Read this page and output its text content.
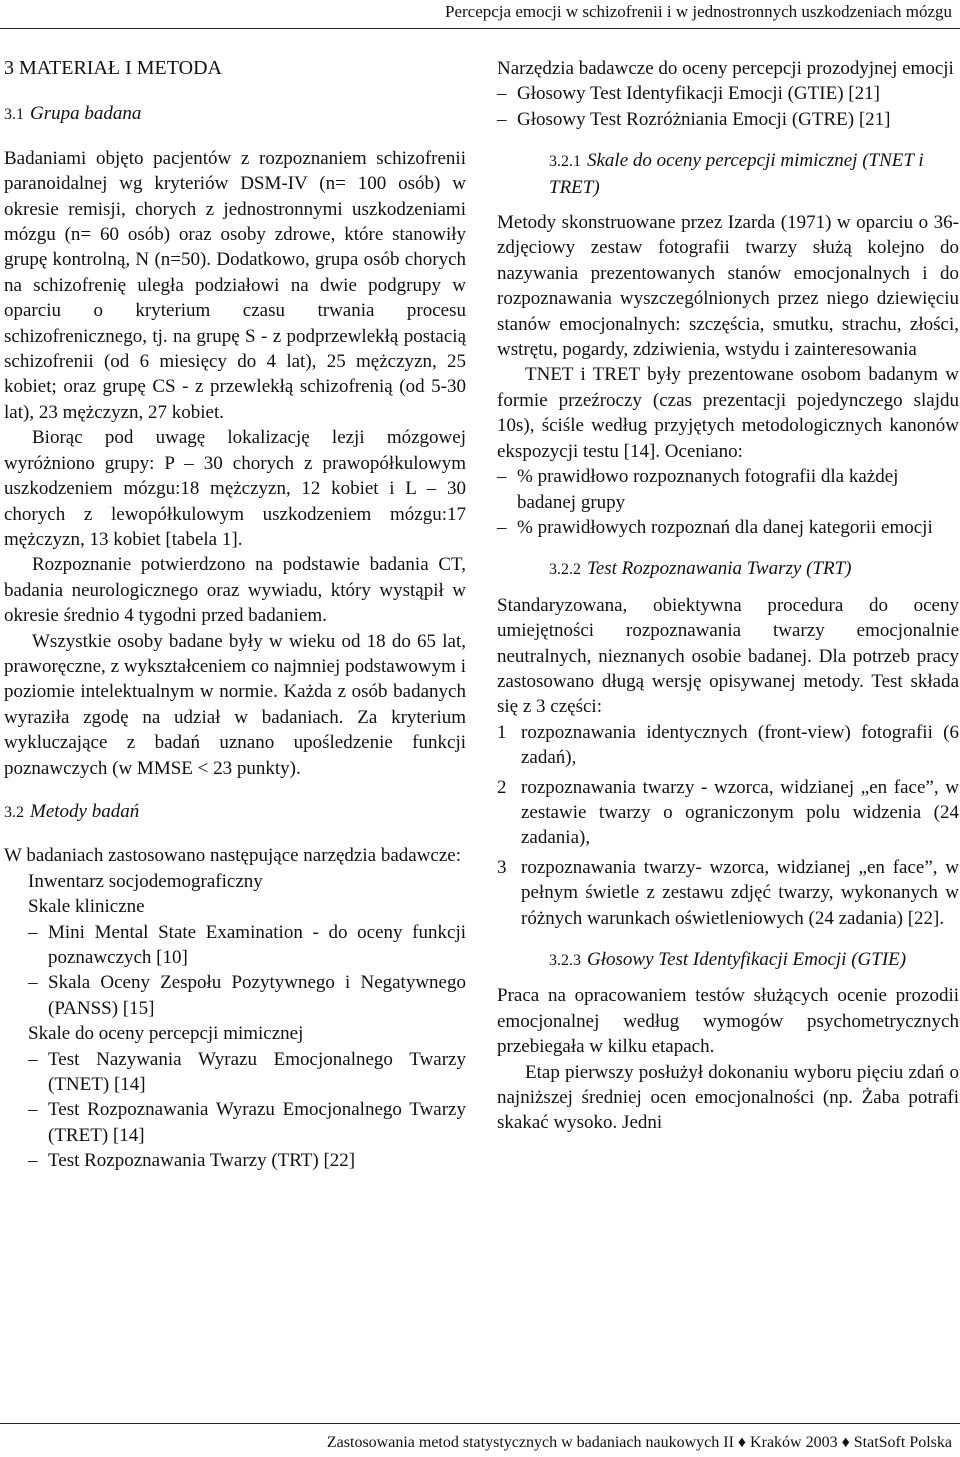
Percepcja emocji w schizofrenii i w jednostronnych uszkodzeniach mózgu
3 MATERIAŁ I METODA
3.1 Grupa badana

Badaniami objęto pacjentów z rozpoznaniem schizofrenii paranoidalnej wg kryteriów DSM-IV (n= 100 osób) w okresie remisji, chorych z jednostronnymi uszkodzeniami mózgu (n= 60 osób) oraz osoby zdrowe, które stanowiły grupę kontrolną, N (n=50). Dodatkowo, grupa osób chorych na schizofrenię uległa podziałowi na dwie podgrupy w oparciu o kryterium czasu trwania procesu schizofrenicznego, tj. na grupę S - z podprzewlekłą postacią schizofrenii (od 6 miesięcy do 4 lat), 25 mężczyzn, 25 kobiet; oraz grupę CS - z przewlekłą schizofrenią (od 5-30 lat), 23 mężczyzn, 27 kobiet.

Biorąc pod uwagę lokalizację lezji mózgowej wyróżniono grupy: P – 30 chorych z prawopółkulowym uszkodzeniem mózgu:18 mężczyzn, 12 kobiet i L – 30 chorych z lewopółkulowym uszkodzeniem mózgu:17 mężczyzn, 13 kobiet [tabela 1].

Rozpoznanie potwierdzono na podstawie badania CT, badania neurologicznego oraz wywiadu, który wystąpił w okresie średnio 4 tygodni przed badaniem.

Wszystkie osoby badane były w wieku od 18 do 65 lat, praworęczne, z wykształceniem co najmniej podstawowym i poziomie intelektualnym w normie. Każda z osób badanych wyraziła zgodę na udział w badaniach. Za kryterium wykluczające z badań uznano upośledzenie funkcji poznawczych (w MMSE < 23 punkty).

3.2 Metody badań

W badaniach zastosowano następujące narzędzia badawcze:

Inwentarz socjodemograficzny
Skale kliniczne
– Mini Mental State Examination - do oceny funkcji poznawczych [10]
– Skala Oceny Zespołu Pozytywnego i Negatywnego (PANSS) [15]
Skale do oceny percepcji mimicznej
– Test Nazywania Wyrazu Emocjonalnego Twarzy (TNET) [14]
– Test Rozpoznawania Wyrazu Emocjonalnego Twarzy (TRET) [14]
– Test Rozpoznawania Twarzy (TRT) [22]

Narzędzia badawcze do oceny percepcji prozodyjnej emocji

– Głosowy Test Identyfikacji Emocji (GTIE) [21]
– Głosowy Test Rozróżniania Emocji (GTRE) [21]
3.2.1 Skale do oceny percepcji mimicznej (TNET i TRET)

Metody skonstruowane przez Izarda (1971) w oparciu o 36-zdjęciowy zestaw fotografii twarzy służą kolejno do nazywania prezentowanych stanów emocjonalnych i do rozpoznawania wyszczególnionych przez niego dziewięciu stanów emocjonalnych: szczęścia, smutku, strachu, złości, wstrętu, pogardy, zdziwienia, wstydu i zainteresowania

TNET i TRET były prezentowane osobom badanym w formie przeźroczy (czas prezentacji pojedynczego slajdu 10s), ściśle według przyjętych metodologicznych kanonów ekspozycji testu [14]. Oceniano:

– % prawidłowo rozpoznanych fotografii dla każdej badanej grupy
– % prawidłowych rozpoznań dla danej kategorii emocji
3.2.2 Test Rozpoznawania Twarzy (TRT)

Standaryzowana, obiektywna procedura do oceny umiejętności rozpoznawania twarzy emocjonalnie neutralnych, nieznanych osobie badanej. Dla potrzeb pracy zastosowano długą wersję opisywanej metody. Test składa się z 3 części:

1 rozpoznawania identycznych (front-view) fotografii (6 zadań),
2 rozpoznawania twarzy - wzorca, widzianej „en face”, w zestawie twarzy o ograniczonym polu widzenia (24 zadania),
3 rozpoznawania twarzy- wzorca, widzianej „en face”, w pełnym świetle z zestawu zdjęć twarzy, wykonanych w różnych warunkach oświetleniowych (24 zadania) [22].
3.2.3 Głosowy Test Identyfikacji Emocji (GTIE)

Praca na opracowaniem testów służących ocenie prozodii emocjonalnej według wymogów psychometrycznych przebiegała w kilku etapach.

Etap pierwszy posłużył dokonaniu wyboru pięciu zdań o najniższej średniej ocen emocjonalności (np. Żaba potrafi skakać wysoko. Jedni

Zastosowania metod statystycznych w badaniach naukowych II ♦ Kraków 2003 ♦ StatSoft Polska
